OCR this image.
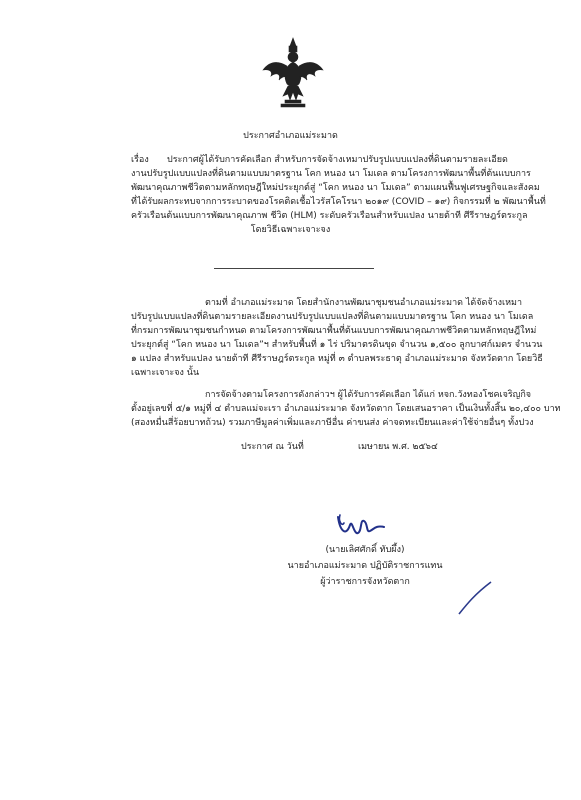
ประกาศอำเภอแม่ระมาด
เรื่อง ประกาศผู้ได้รับการคัดเลือก สำหรับการจัดจ้างเหมาปรับรูปแบบแปลงที่ดินตามรายละเอียด
งานปรับรูปแบบแปลงที่ดินตามแบบมาตรฐาน โคก หนอง นา โมเดล ตามโครงการพัฒนาพื้นที่ต้นแบบการ
พัฒนาคุณภาพชีวิตตามหลักทฤษฎีใหม่ประยุกต์สู่ “โคก หนอง นา โมเดล” ตามแผนฟื้นฟูเศรษฐกิจและสังคม
ที่ได้รับผลกระทบจากการระบาดของโรคติดเชื้อไวรัสโคโรนา ๒๐๑๙ (COVID – ๑๙) กิจกรรมที่ ๒ พัฒนาพื้นที่
ครัวเรือนต้นแบบการพัฒนาคุณภาพ ชีวิต (HLM) ระดับครัวเรือนสำหรับแปลง นายต้าที ศีรีราษฎร์ตระกูล
โดยวิธีเฉพาะเจาะจง
ตามที่ อำเภอแม่ระมาด โดยสำนักงานพัฒนาชุมชนอำเภอแม่ระมาด ได้จัดจ้างเหมา
ปรับรูปแบบแปลงที่ดินตามรายละเอียดงานปรับรูปแบบแปลงที่ดินตามแบบมาตรฐาน โคก หนอง นา โมเดล
ที่กรมการพัฒนาชุมชนกำหนด ตามโครงการพัฒนาพื้นที่ต้นแบบการพัฒนาคุณภาพชีวิตตามหลักทฤษฎีใหม่
ประยุกต์สู่ “โคก หนอง นา โมเดล”ฯ สำหรับพื้นที่ ๑ ไร่ ปริมาตรดินขุด จำนวน ๑,๕๐๐ ลูกบาศก์เมตร จำนวน
๑ แปลง สำหรับแปลง นายต้าที ศีรีราษฎร์ตระกูล หมู่ที่ ๓ ตำบลพระธาตุ อำเภอแม่ระมาด จังหวัดตาก โดยวิธี
เฉพาะเจาะจง นั้น
การจัดจ้างตามโครงการดังกล่าวฯ ผู้ได้รับการคัดเลือก ได้แก่ หจก.วังทองโชคเจริญกิจ
ตั้งอยู่เลขที่ ๕/๑ หมู่ที่ ๔ ตำบลแม่จะเรา อำเภอแม่ระมาด จังหวัดตาก โดยเสนอราคา เป็นเงินทั้งสิ้น ๒๐,๔๐๐ บาท
(สองหมื่นสี่ร้อยบาทถ้วน) รวมภาษีมูลค่าเพิ่มและภาษีอื่น ค่าขนส่ง ค่าจดทะเบียนและค่าใช้จ่ายอื่นๆ ทั้งปวง
ประกาศ ณ วันที่	เมษายน พ.ศ. ๒๕๖๔
(นายเลิศศักดิ์ ทับผึ้ง)
นายอำเภอแม่ระมาด ปฏิบัติราชการแทน
ผู้ว่าราชการจังหวัดตาก
